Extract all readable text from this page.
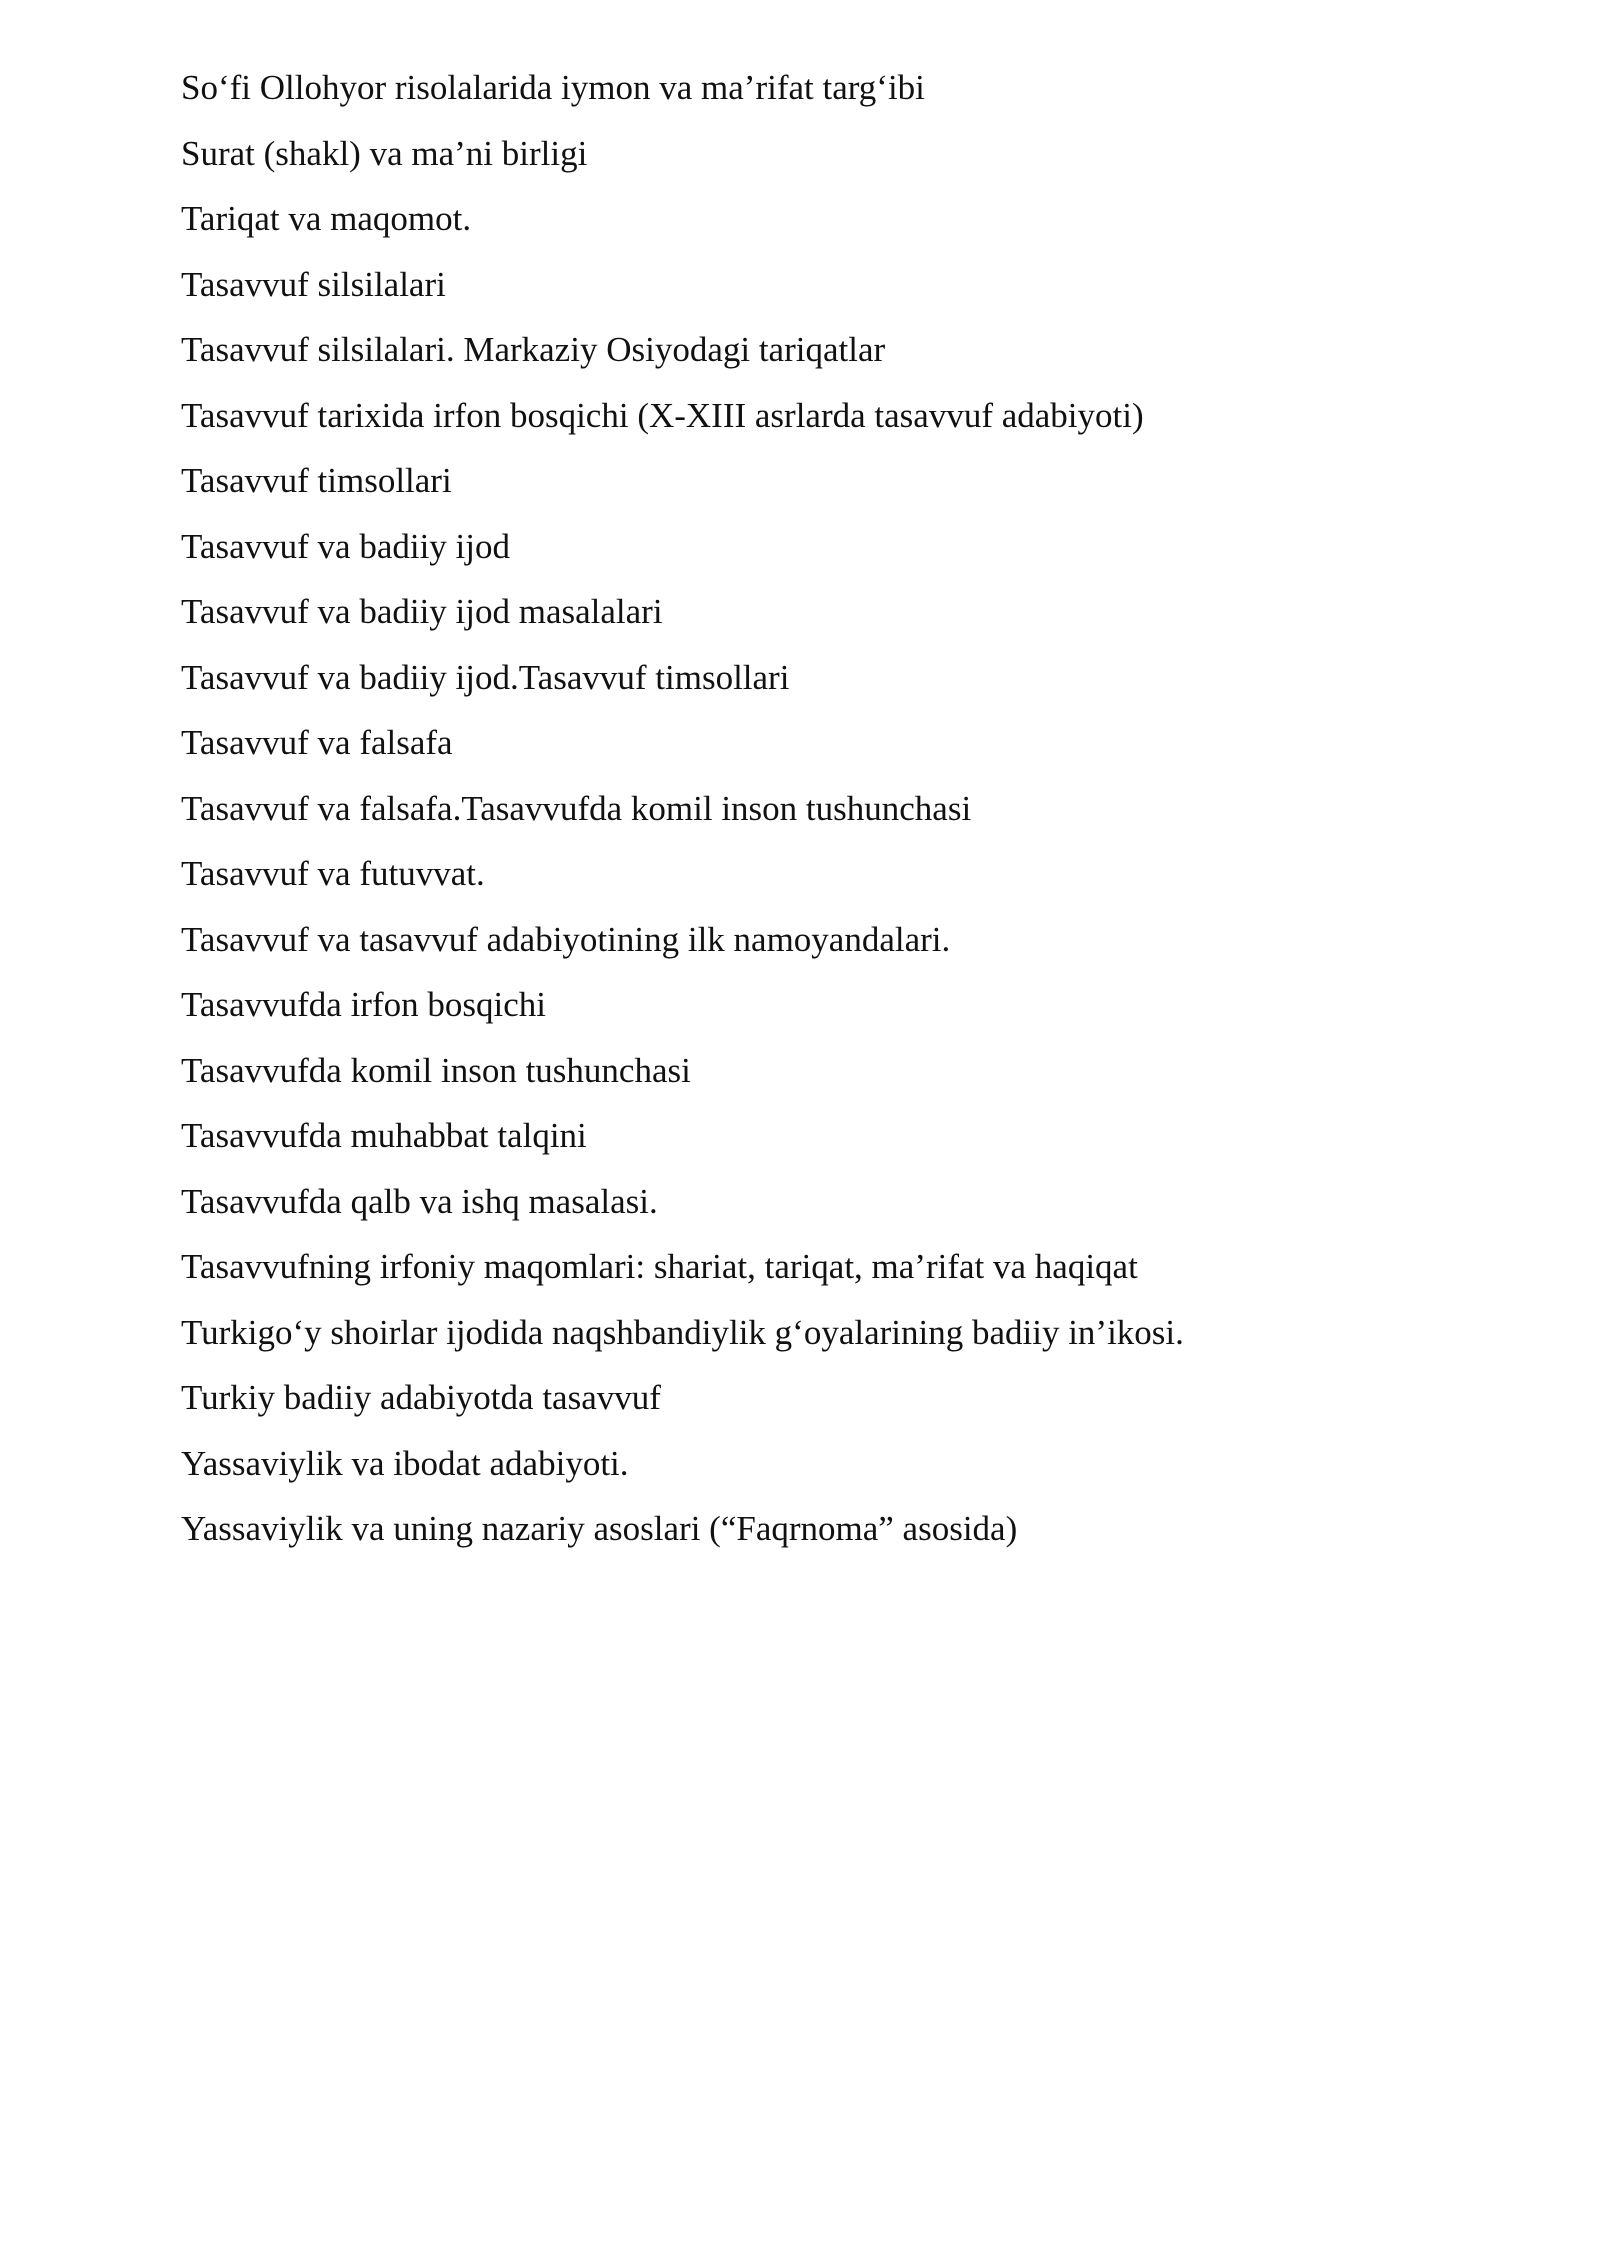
So‘fi Ollohyor risolalarida iymon va ma’rifat targ‘ibi
Surat (shakl) va ma’ni birligi
Tariqat va maqomot.
Tasavvuf silsilalari
Tasavvuf silsilalari. Markaziy Osiyodagi tariqatlar
Tasavvuf tarixida irfon bosqichi (X-XIII asrlarda tasavvuf adabiyoti)
Tasavvuf timsollari
Tasavvuf va badiiy ijod
Tasavvuf va badiiy ijod masalalari
Tasavvuf va badiiy ijod.Tasavvuf timsollari
Tasavvuf va falsafa
Tasavvuf va falsafa.Tasavvufda komil inson tushunchasi
Tasavvuf va futuvvat.
Tasavvuf va tasavvuf adabiyotining ilk namoyandalari.
Tasavvufda irfon bosqichi
Tasavvufda komil inson tushunchasi
Tasavvufda muhabbat talqini
Tasavvufda qalb va ishq masalasi.
Tasavvufning irfoniy maqomlari: shariat, tariqat, ma’rifat va haqiqat
Turkigo‘y shoirlar ijodida naqshbandiylik g‘oyalarining badiiy in’ikosi.
Turkiy badiiy adabiyotda tasavvuf
Yassaviylik va ibodat adabiyoti.
Yassaviylik va uning nazariy asoslari (“Faqrnoma” asosida)
